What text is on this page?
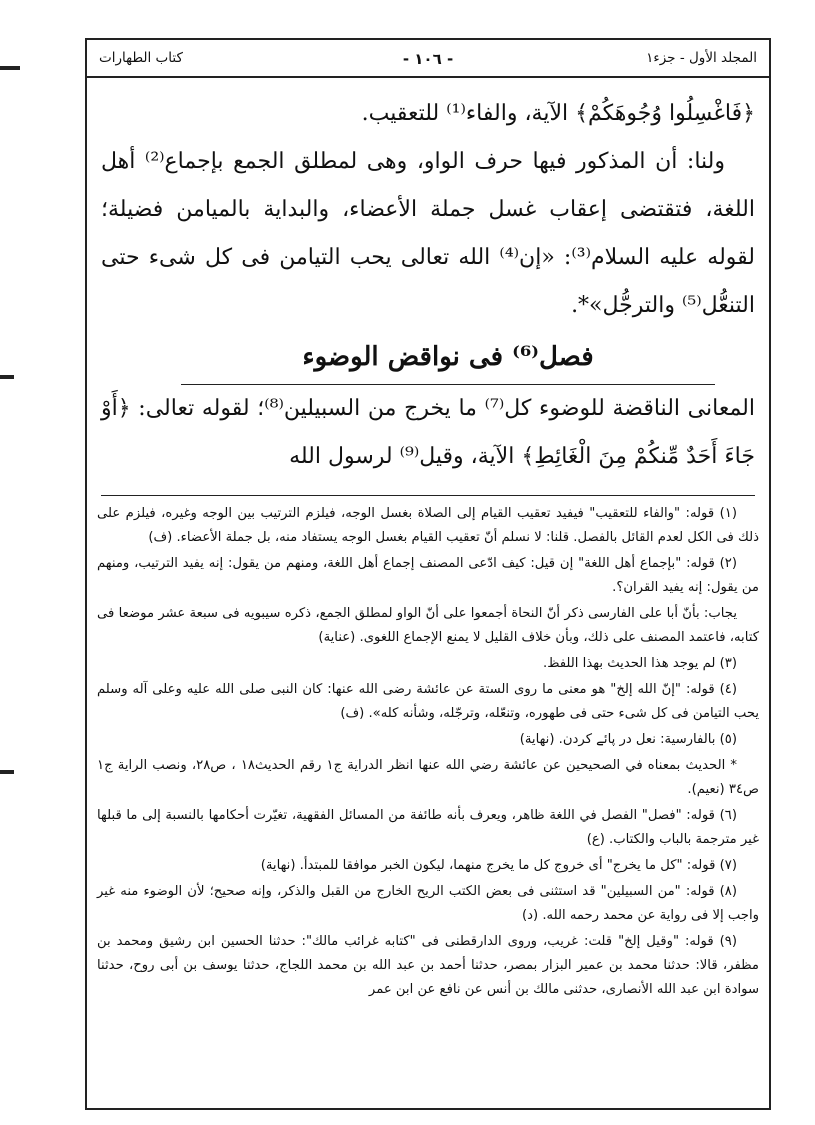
المجلد الأول - جزء١
- ١٠٦ -
كتاب الطهارات

﴿فَاغْسِلُوا وُجُوهَكُمْ﴾ الآية، والفاء⁽¹⁾ للتعقيب.

ولنا: أن المذكور فيها حرف الواو، وهى لمطلق الجمع بإجماع⁽²⁾ أهل اللغة، فتقتضى إعقاب غسل جملة الأعضاء، والبداية بالميامن فضيلة؛ لقوله عليه السلام⁽³⁾: «إن⁽⁴⁾ الله تعالى يحب التيامن فى كل شىء حتى التنعُّل⁽⁵⁾ والترجُّل»*.

فصل⁽⁶⁾ فى نواقض الوضوء

المعانى الناقضة للوضوء كل⁽⁷⁾ ما يخرج من السبيلين⁽⁸⁾؛ لقوله تعالى: ﴿أَوْ جَاءَ أَحَدٌ مِّنكُمْ مِنَ الْغَائِطِ﴾ الآية، وقيل⁽⁹⁾ لرسول الله

(١) قوله: "والفاء للتعقيب" فيفيد تعقيب القيام إلى الصلاة بغسل الوجه، فيلزم الترتيب بين الوجه وغيره، فيلزم على ذلك فى الكل لعدم القائل بالفصل. قلنا: لا نسلم أنّ تعقيب القيام بغسل الوجه يستفاد منه، بل جملة الأعضاء. (ف)

(٢) قوله: "بإجماع أهل اللغة" إن قيل: كيف ادّعى المصنف إجماع أهل اللغة، ومنهم من يقول: إنه يفيد الترتيب، ومنهم من يقول: إنه يفيد القران؟.

يجاب: بأنّ أبا على الفارسى ذكر أنّ النحاة أجمعوا على أنّ الواو لمطلق الجمع، ذكره سيبويه فى سبعة عشر موضعا فى كتابه، فاعتمد المصنف على ذلك، وبأن خلاف القليل لا يمنع الإجماع اللغوى. (عناية)

(٣) لم يوجد هذا الحديث بهذا اللفظ.

(٤) قوله: "إنّ الله إلخ" هو معنى ما روى الستة عن عائشة رضى الله عنها: كان النبى صلى الله عليه وعلى آله وسلم يحب التيامن فى كل شىء حتى فى طهوره، وتنعّله، وترجّله، وشأنه كله». (ف)

(٥) بالفارسية: نعل در پائے كردن. (نهاية)

* الحديث بمعناه في الصحيحين عن عائشة رضي الله عنها انظر الدراية ج١ رقم الحديث١٨ ، ص٢٨، ونصب الراية ج١ ص٣٤ (نعيم).

(٦) قوله: "فصل" الفصل في اللغة ظاهر، ويعرف بأنه طائفة من المسائل الفقهية، تغيّرت أحكامها بالنسبة إلى ما قبلها غير مترجمة بالباب والكتاب. (ع)

(٧) قوله: "كل ما يخرج" أى خروج كل ما يخرج منهما، ليكون الخبر موافقا للمبتدأ. (نهاية)

(٨) قوله: "من السبيلين" قد استثنى فى بعض الكتب الريح الخارج من القبل والذكر، وإنه صحيح؛ لأن الوضوء منه غير واجب إلا فى رواية عن محمد رحمه الله. (د)

(٩) قوله: "وقيل إلخ" قلت: غريب، وروى الدارقطنى فى "كتابه غرائب مالك": حدثنا الحسين ابن رشيق ومحمد بن مظفر، قالا: حدثنا محمد بن عمير البزار بمصر، حدثنا أحمد بن عبد الله بن محمد اللجاج، حدثنا يوسف بن أبى روح، حدثنا سوادة ابن عبد الله الأنصارى، حدثنى مالك بن أنس عن نافع عن ابن عمر
